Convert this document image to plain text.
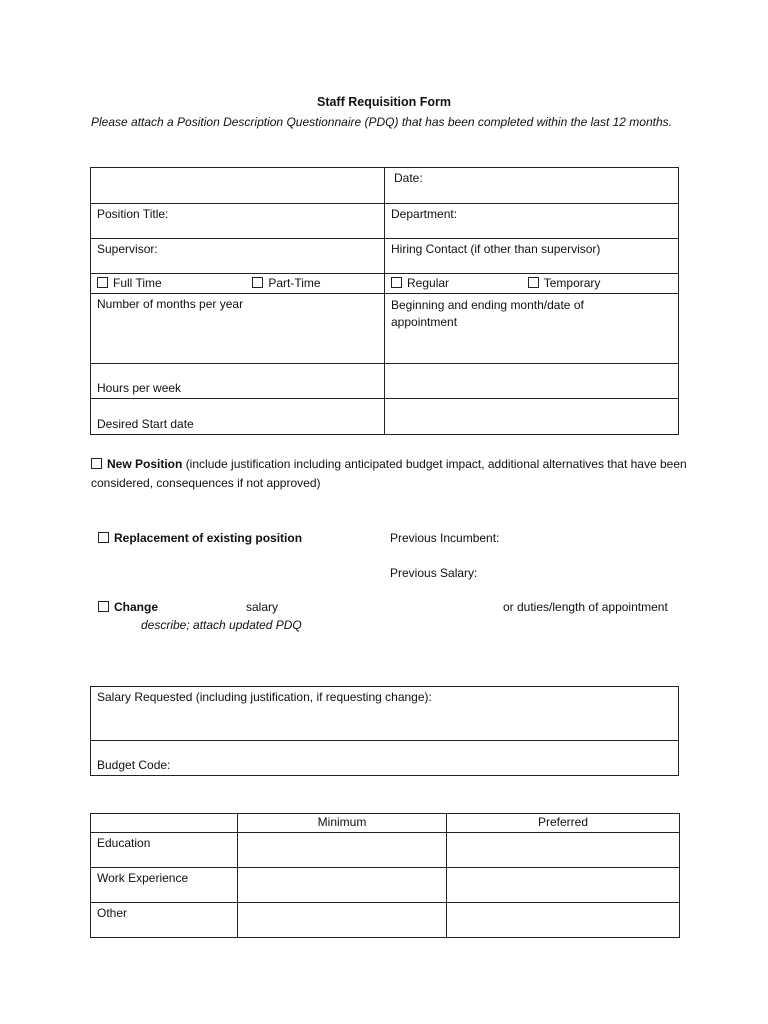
Staff Requisition Form
Please attach a Position Description Questionnaire (PDQ) that has been completed within the last 12 months.
	Date:
Position Title:	Department:
Supervisor:	Hiring Contact (if other than supervisor)
Full Time Part-Time	Regular Temporary
Number of months per year	Beginning and ending month/date of appointment

Hours per week	
Desired Start date	
New Position (include justification including anticipated budget impact, additional alternatives that have been considered, consequences if not approved)
Replacement of existing position	Previous Incumbent:
Previous Salary:
Change	salary	or duties/length of appointment
describe; attach updated PDQ
Salary Requested (including justification, if requesting change):
Budget Code:
	Minimum	Preferred
Education		
Work Experience		
Other		
